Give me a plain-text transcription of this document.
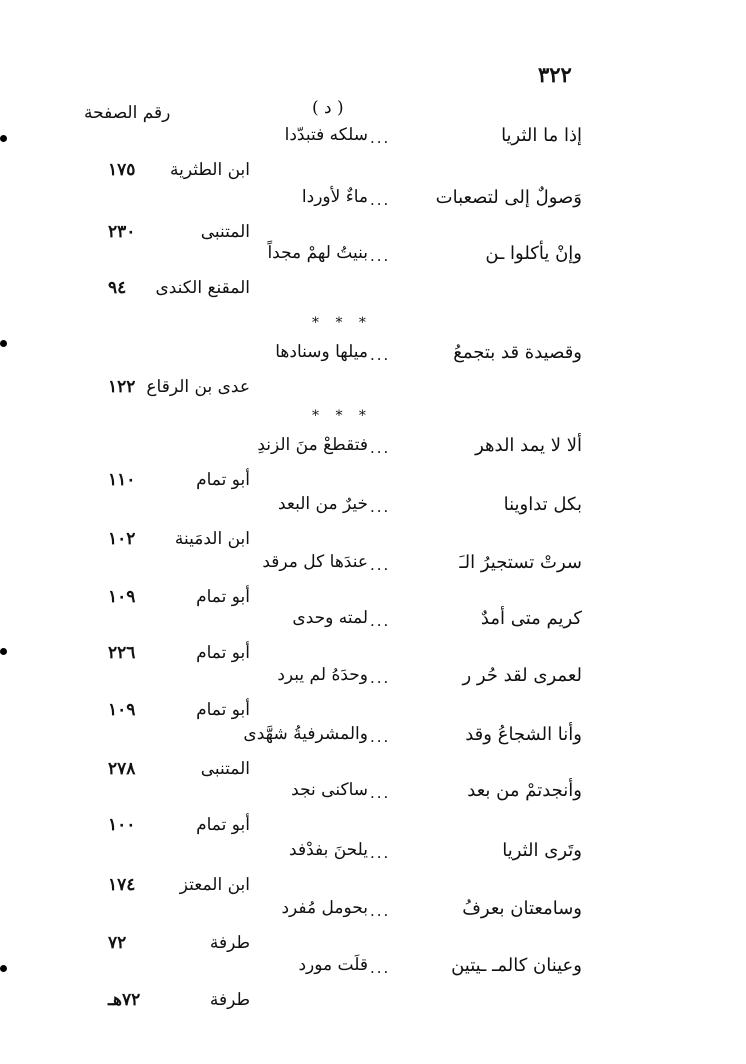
٣٢٢
( د )
رقم الصفحة
* * *
* * *
إذا ما الثريا
...
سلكه فتبدّدا
ابن الطثرية
١٧٥
وَصولٌ إلى لتصعبات
...
ماءٌ لأوردا
المتنبى
٢٣٠
وإنْ يأكلوا ـن
...
بنيتُ لهمْ مجداً
المقنع الكندى
٩٤
وقصيدة قد بتجمعُ
...
ميلها وسنادها
عدى بن الرقاع
١٢٢
ألا لا يمد الدهر
...
فتقطعْ منَ الزندِ
أبو تمام
١١٠
بكل تداوينا
...
خيرٌ من البعد
ابن الدمَينة
١٠٢
سرتْ تستجيرُ الـَ
...
عندَها كل مرقد
أبو تمام
١٠٩
كريم متى أمدٌ
...
لمته وحدى
أبو تمام
٢٢٦
لعمرى لقد حُر ر
...
وحدَهُ لم يبرد
أبو تمام
١٠٩
وأنا الشجاعُ وقد
...
والمشرفيةُ شهَّدى
المتنبى
٢٧٨
وأنجدتمْ من بعد
...
ساكنى نجد
أبو تمام
١٠٠
وتَرى الثريا
...
يلحنَ بفدْفد
ابن المعتز
١٧٤
وسامعتان بعرفُ
...
بحومل مُفرد
طرفة
٧٢
وعينان كالمـ ـيتين
...
قلَت مورد
طرفة
٧٢هـ
